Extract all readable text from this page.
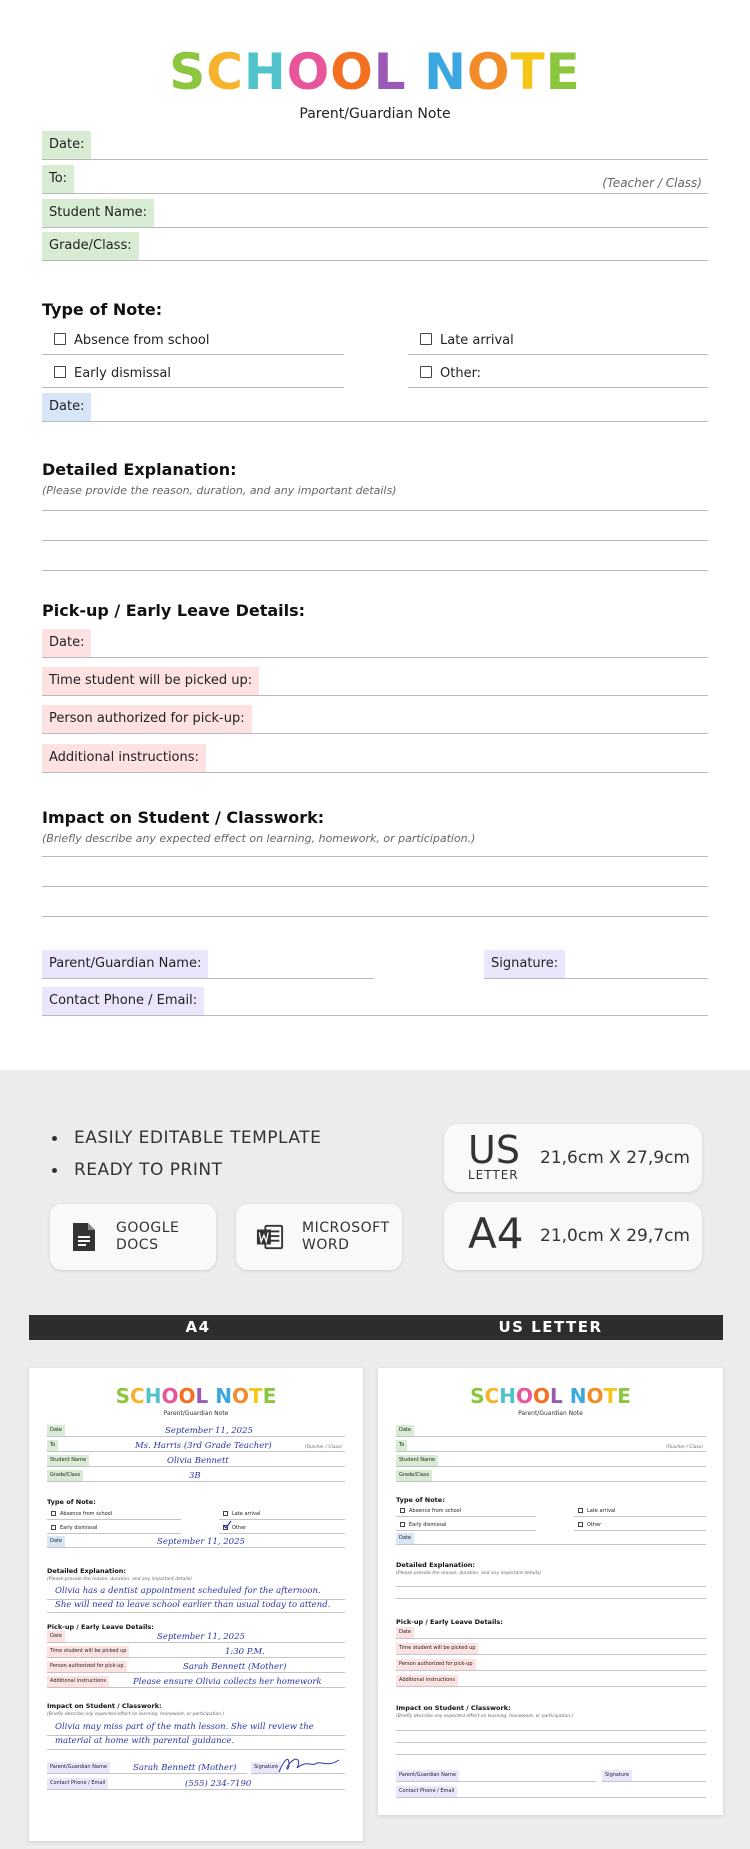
SCHOOL NOTE
Parent/Guardian Note
Date:
To:	(Teacher / Class)
Student Name:
Grade/Class:
Type of Note:
Absence from school	Late arrival
Early dismissal	Other:
Date:
Detailed Explanation:
(Please provide the reason, duration, and any important details)
Pick-up / Early Leave Details:
Date:
Time student will be picked up:
Person authorized for pick-up:
Additional instructions:
Impact on Student / Classwork:
(Briefly describe any expected effect on learning, homework, or participation.)
Parent/Guardian Name:	Signature:
Contact Phone / Email:
EASILY EDITABLE TEMPLATE
READY TO PRINT
GOOGLE
DOCS
MICROSOFT
WORD
US
LETTER
21,6cm X 27,9cm
A4 21,0cm X 29,7cm
A4	US LETTER
SCHOOL NOTE
Parent/Guardian Note
Date	September 11, 2025
To	Ms. Harris (3rd Grade Teacher)	(Teacher / Class)
Student Name	Olivia Bennett
Grade/Class	3B
Type of Note:
Absence from school	Late arrival
Early dismissal	Other
Date	September 11, 2025
Detailed Explanation:
(Please provide the reason, duration, and any important details)
Olivia has a dentist appointment scheduled for the afternoon.
She will need to leave school earlier than usual today to attend.
Pick-up / Early Leave Details:
Date	September 11, 2025
Time student will be picked up	1:30 P.M.
Person authorized for pick-up	Sarah Bennett (Mother)
Additional instructions	Please ensure Olivia collects her homework
Impact on Student / Classwork:
(Briefly describe any expected effect on learning, homework, or participation.)
Olivia may miss part of the math lesson. She will review the
material at home with parental guidance.
Parent/Guardian Name	Sarah Bennett (Mother)	Signature
Contact Phone / Email	(555) 234-7190
SCHOOL NOTE
Parent/Guardian Note
Date
To	(Teacher / Class)
Student Name
Grade/Class
Type of Note:
Absence from school	Late arrival
Early dismissal	Other
Date
Detailed Explanation:
(Please provide the reason, duration, and any important details)
Pick-up / Early Leave Details:
Date
Time student will be picked up
Person authorized for pick-up
Additional instructions
Impact on Student / Classwork:
(Briefly describe any expected effect on learning, homework, or participation.)
Parent/Guardian Name	Signature
Contact Phone / Email
